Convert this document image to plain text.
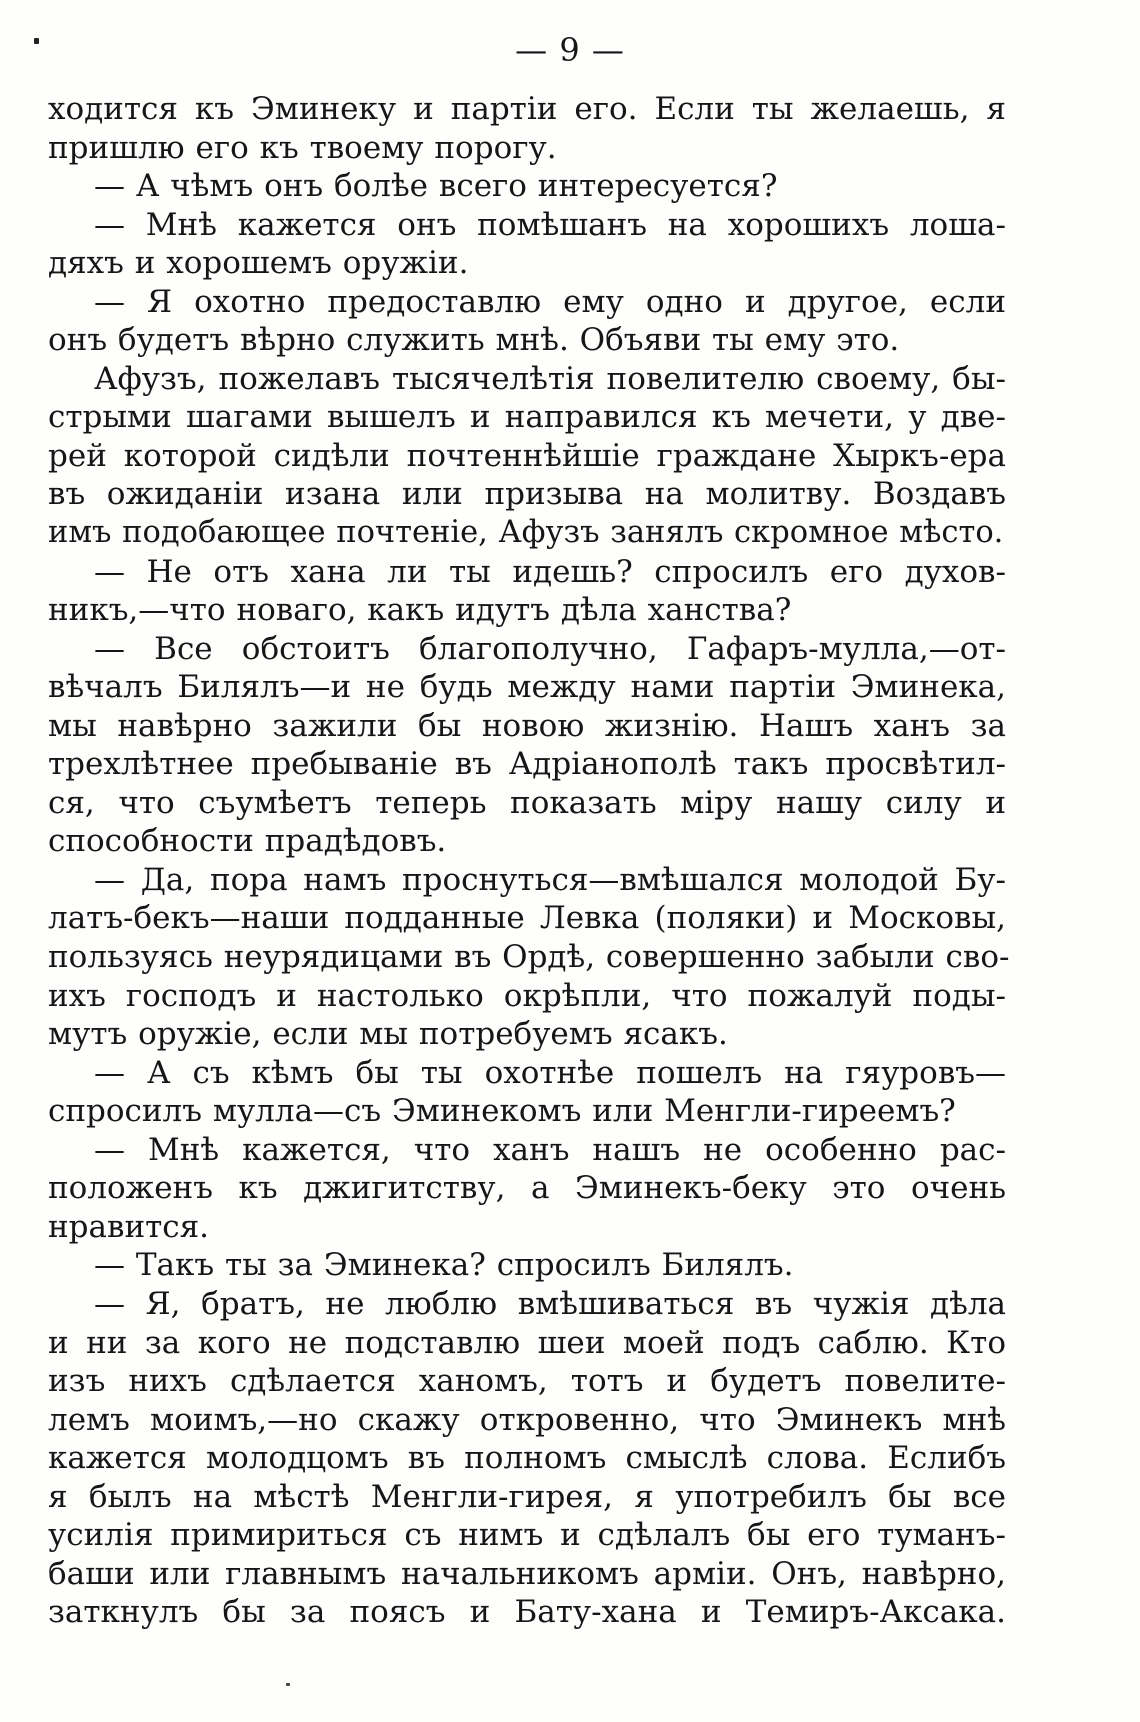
— 9 —
ходится къ Эминеку и партіи его. Если ты желаешь, я
пришлю его къ твоему порогу.
— А чѣмъ онъ болѣе всего интересуется?
— Мнѣ кажется онъ помѣшанъ на хорошихъ лошa-
дяхъ и хорошемъ оружіи.
— Я охотно предоставлю ему одно и другое, если
онъ будетъ вѣрно служить мнѣ. Объяви ты ему это.
Афузъ, пожелавъ тысячелѣтія повелителю своему, бы-
стрыми шагами вышелъ и направился къ мечети, у две-
рей которой сидѣли почтеннѣйшіе граждане Хыркъ-ера
въ ожиданіи изана или призыва на молитву. Воздавъ
имъ подобающее почтеніе, Афузъ занялъ скромное мѣсто.
— Не отъ хана ли ты идешь? спросилъ его духов-
никъ,—что новаго, какъ идутъ дѣла ханства?
— Все обстоитъ благополучно, Гафаръ-мулла,—от-
вѣчалъ Билялъ—и не будь между нами партіи Эминека,
мы навѣрно зажили бы новою жизнію. Нашъ ханъ за
трехлѣтнее пребываніе въ Адріанополѣ такъ просвѣтил-
ся, что съумѣетъ теперь показать міру нашу силу и
способности прадѣдовъ.
— Да, пора намъ проснуться—вмѣшался молодой Бу-
латъ-бекъ—наши подданные Левка (поляки) и Московы,
пользуясь неурядицами въ Ордѣ, совершенно забыли сво-
ихъ господъ и настолько окрѣпли, что пожалуй поды-
мутъ оружіе, если мы потребуемъ ясакъ.
— А съ кѣмъ бы ты охотнѣе пошелъ на гяуровъ—
спросилъ мулла—съ Эминекомъ или Менгли-гиреемъ?
— Мнѣ кажется, что ханъ нашъ не особенно рас-
положенъ къ джигитству, а Эминекъ-беку это очень
нравится.
— Такъ ты за Эминека? спросилъ Билялъ.
— Я, братъ, не люблю вмѣшиваться въ чужія дѣла
и ни за кого не подставлю шеи моей подъ саблю. Кто
изъ нихъ сдѣлается ханомъ, тотъ и будетъ повелите-
лемъ моимъ,—но скажу откровенно, что Эминекъ мнѣ
кажется молодцомъ въ полномъ смыслѣ слова. Еслибъ
я былъ на мѣстѣ Менгли-гирея, я употребилъ бы все
усилія примириться съ нимъ и сдѣлалъ бы его туманъ-
баши или главнымъ начальникомъ арміи. Онъ, навѣрно,
заткнулъ бы за поясъ и Бату-хана и Темиръ-Аксака.
